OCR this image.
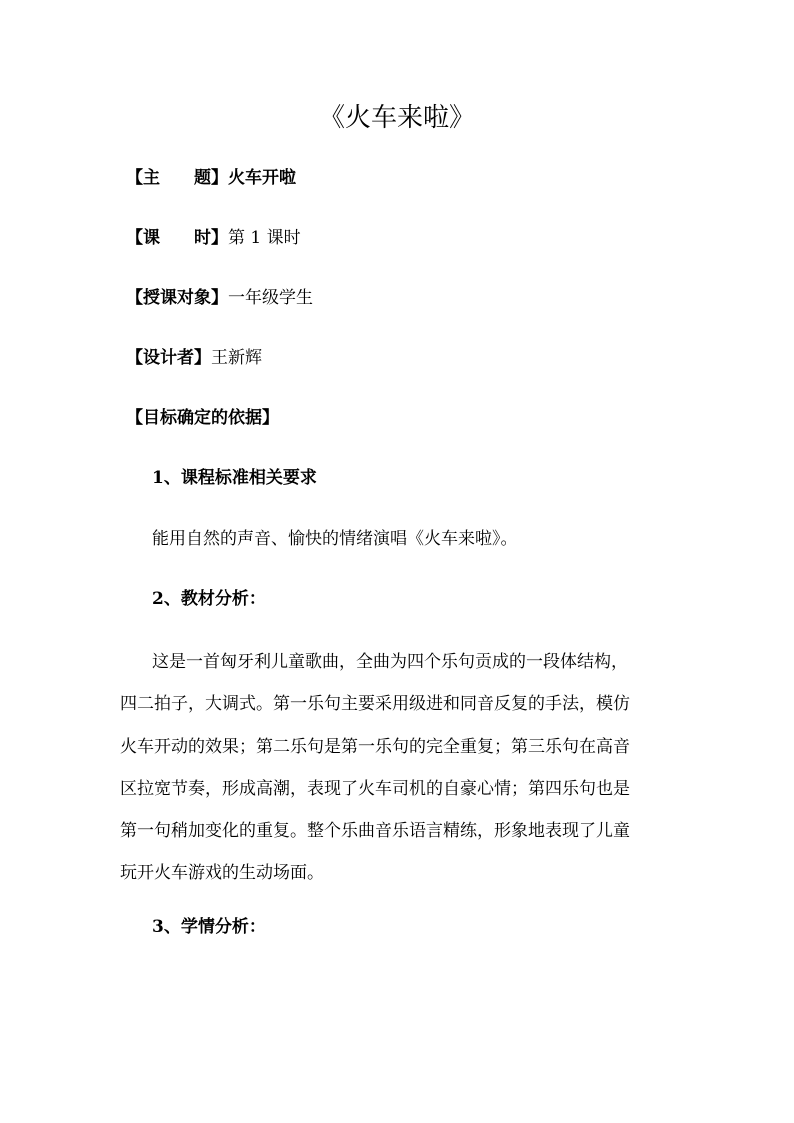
《火车来啦》
【主 题】火车开啦
【课 时】第 1 课时
【授课对象】一年级学生
【设计者】王新辉
【目标确定的依据】
1、课程标准相关要求
能用自然的声音、愉快的情绪演唱《火车来啦》。
2、教材分析：
这是一首匈牙利儿童歌曲，全曲为四个乐句贡成的一段体结构，
四二拍子，大调式。第一乐句主要采用级进和同音反复的手法，模仿
火车开动的效果；第二乐句是第一乐句的完全重复；第三乐句在高音
区拉宽节奏，形成高潮，表现了火车司机的自豪心情；第四乐句也是
第一句稍加变化的重复。整个乐曲音乐语言精练，形象地表现了儿童
玩开火车游戏的生动场面。
3、学情分析：
